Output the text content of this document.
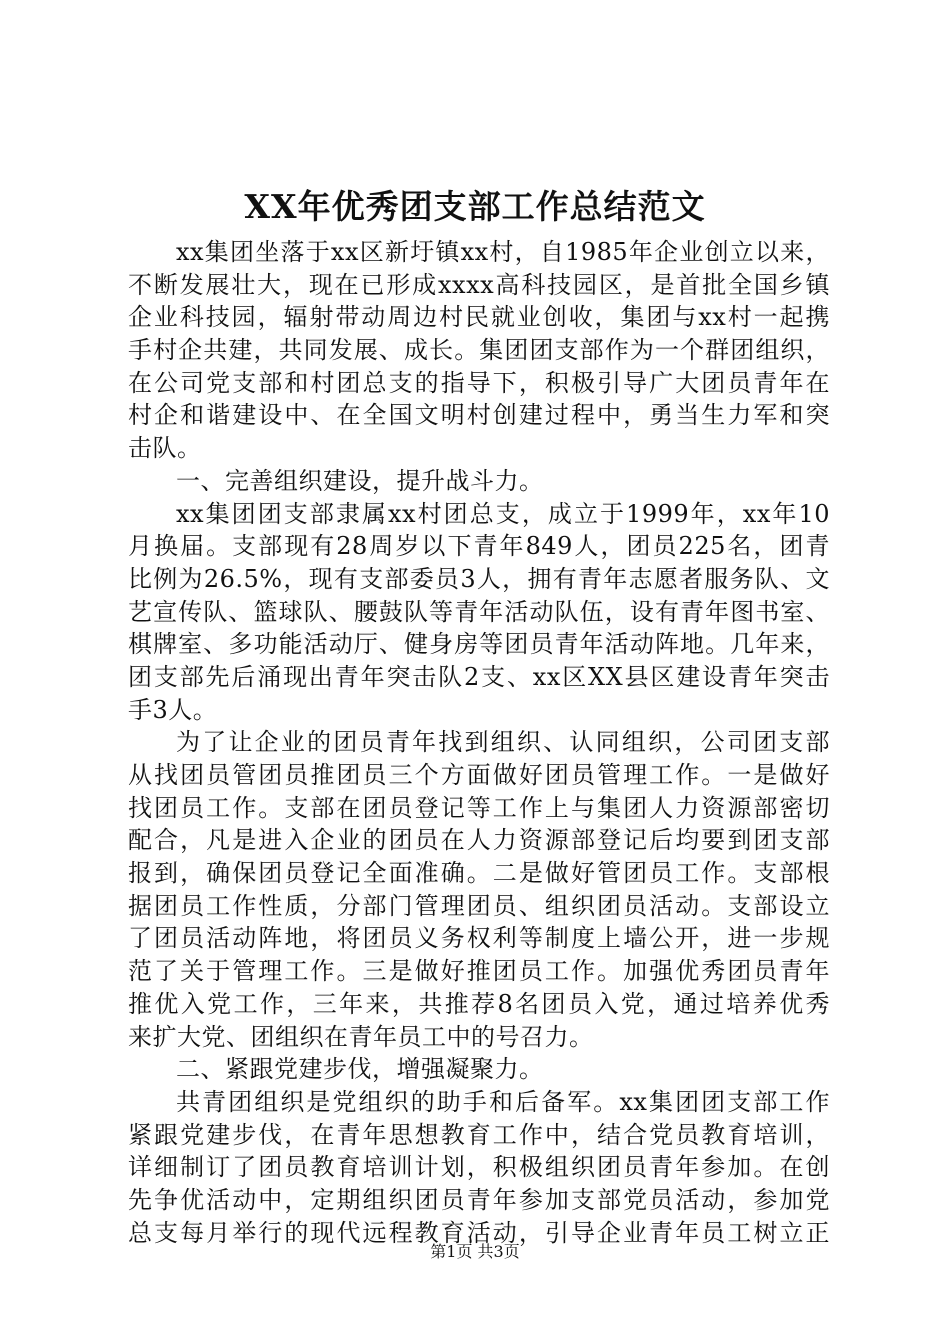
XX年优秀团支部工作总结范文
xx集团坐落于xx区新圩镇xx村，自1985年企业创立以来，
不断发展壮大，现在已形成xxxx高科技园区，是首批全国乡镇
企业科技园，辐射带动周边村民就业创收，集团与xx村一起携
手村企共建，共同发展、成长。集团团支部作为一个群团组织，
在公司党支部和村团总支的指导下，积极引导广大团员青年在
村企和谐建设中、在全国文明村创建过程中，勇当生力军和突
击队。
一、完善组织建设，提升战斗力。
xx集团团支部隶属xx村团总支，成立于1999年，xx年10
月换届。支部现有28周岁以下青年849人，团员225名，团青
比例为26.5%，现有支部委员3人，拥有青年志愿者服务队、文
艺宣传队、篮球队、腰鼓队等青年活动队伍，设有青年图书室、
棋牌室、多功能活动厅、健身房等团员青年活动阵地。几年来，
团支部先后涌现出青年突击队2支、xx区XX县区建设青年突击
手3人。
为了让企业的团员青年找到组织、认同组织，公司团支部
从找团员管团员推团员三个方面做好团员管理工作。一是做好
找团员工作。支部在团员登记等工作上与集团人力资源部密切
配合，凡是进入企业的团员在人力资源部登记后均要到团支部
报到，确保团员登记全面准确。二是做好管团员工作。支部根
据团员工作性质，分部门管理团员、组织团员活动。支部设立
了团员活动阵地，将团员义务权利等制度上墙公开，进一步规
范了关于管理工作。三是做好推团员工作。加强优秀团员青年
推优入党工作，三年来，共推荐8名团员入党，通过培养优秀
来扩大党、团组织在青年员工中的号召力。
二、紧跟党建步伐，增强凝聚力。
共青团组织是党组织的助手和后备军。xx集团团支部工作
紧跟党建步伐，在青年思想教育工作中，结合党员教育培训，
详细制订了团员教育培训计划，积极组织团员青年参加。在创
先争优活动中，定期组织团员青年参加支部党员活动，参加党
总支每月举行的现代远程教育活动，引导企业青年员工树立正
第1页 共3页
